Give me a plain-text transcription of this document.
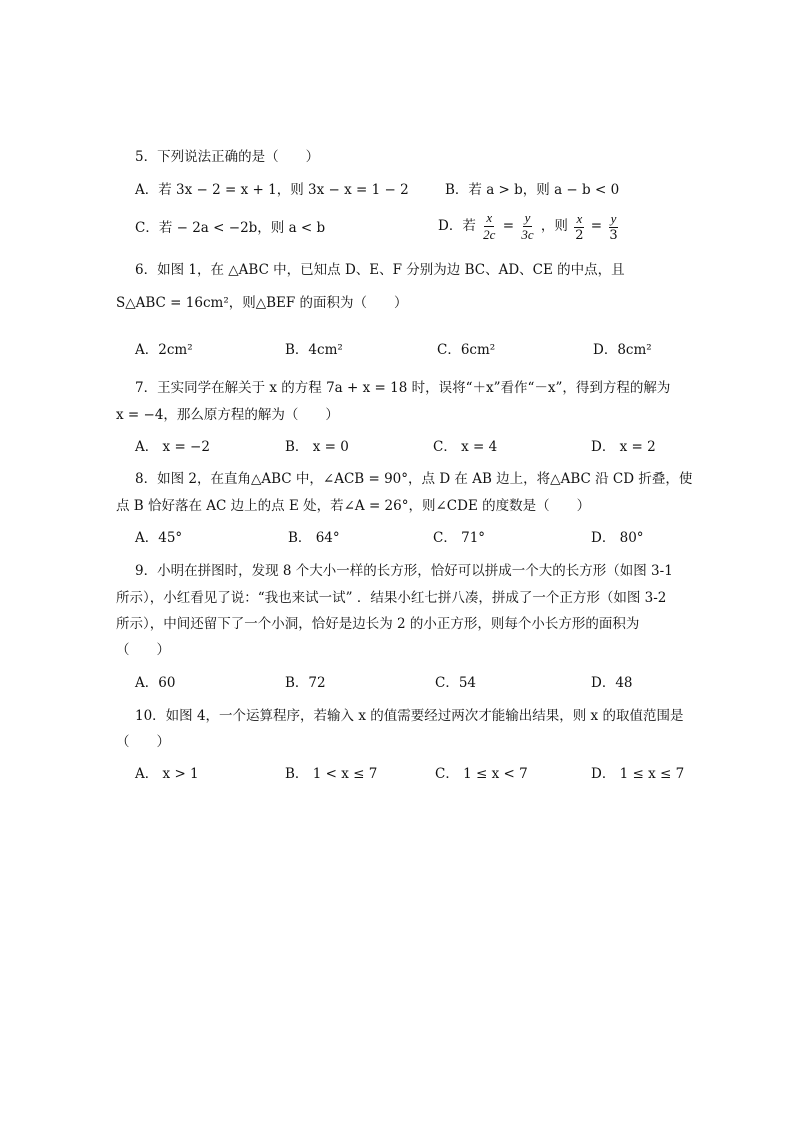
5．下列说法正确的是（　　）
A．若 3x − 2 = x + 1，则 3x − x = 1 − 2	B．若 a > b，则 a − b < 0
C．若 − 2a < −2b，则 a < b	D．若 $\frac{x}{2c} = \frac{y}{3c}$ ，则 $\frac{x}{2} = \frac{y}{3}$
6．如图 1，在 △ABC 中，已知点 D、E、F 分别为边 BC、AD、CE 的中点，且
S△ABC = 16cm²，则△BEF 的面积为（　　）
A．2cm²	B．4cm²	C．6cm²	D．8cm²
7．王实同学在解关于 x 的方程 7a + x = 18 时，误将“＋x”看作“－x”，得到方程的解为
x = −4，那么原方程的解为（　　）
A． x = −2	B． x = 0	C． x = 4	D． x = 2
8．如图 2，在直角△ABC 中，∠ACB = 90°，点 D 在 AB 边上，将△ABC 沿 CD 折叠，使
点 B 恰好落在 AC 边上的点 E 处，若∠A = 26°，则∠CDE 的度数是（　　）
A．45°	B． 64°	C． 71°	D． 80°
9．小明在拼图时，发现 8 个大小一样的长方形，恰好可以拼成一个大的长方形（如图 3-1
所示），小红看见了说：“我也来试一试” ．结果小红七拼八凑，拼成了一个正方形（如图 3-2
所示），中间还留下了一个小洞，恰好是边长为 2 的小正方形，则每个小长方形的面积为
（　　）
A．60	B．72	C．54	D．48
10．如图 4，一个运算程序，若输入 x 的值需要经过两次才能输出结果，则 x 的取值范围是
（　　）
A． x > 1	B． 1 < x ≤ 7	C． 1 ≤ x < 7	D． 1 ≤ x ≤ 7
